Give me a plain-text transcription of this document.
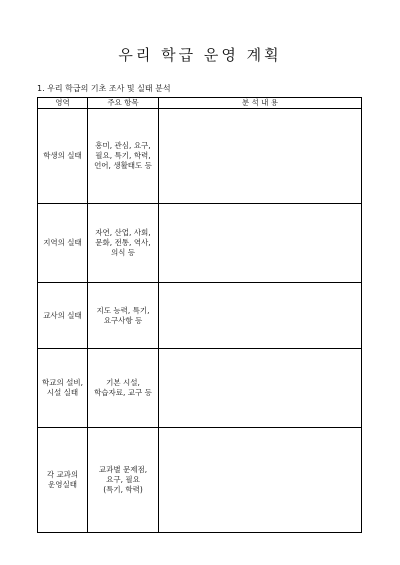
우리 학급 운영 계획
1. 우리 학급의 기초 조사 및 실태 분석
영역	주요 항목	분 석 내 용
학생의 실태	흥미, 관심, 요구,
필요, 특기, 학력,
언어, 생활태도 등	
지역의 실태	자연, 산업, 사회,
문화, 전통, 역사,
의식 등	
교사의 실태	지도 능력, 특기,
요구사항 등	
학교의 설비,
시설 실태	기본 시설,
학습자료, 교구 등	
각 교과의
운영실태	교과별 문제점,
요구, 필요
(특기, 학력)	
